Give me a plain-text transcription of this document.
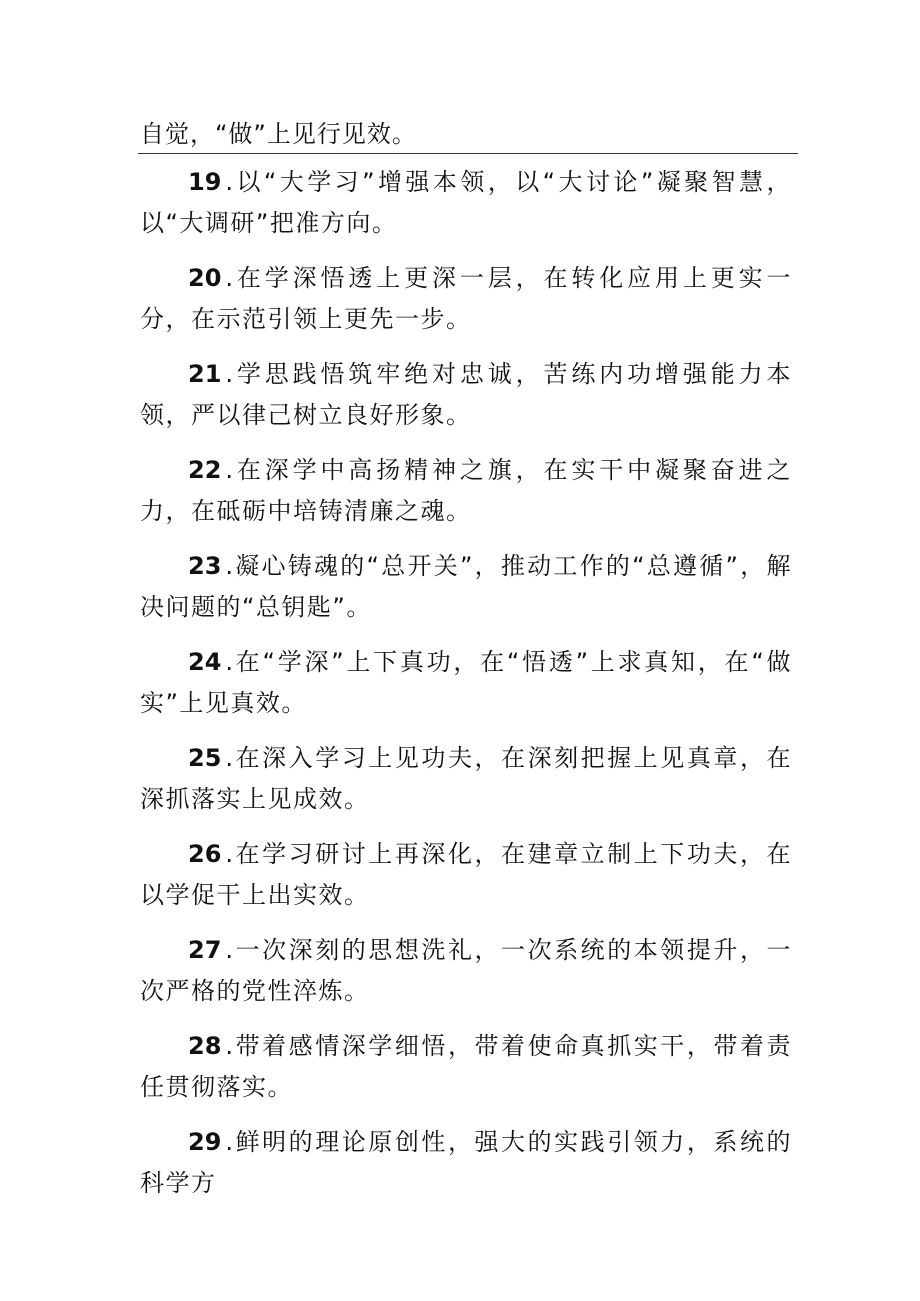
自觉，“做”上见行见效。

19 .以“大学习”增强本领，以“大讨论”凝聚智慧，以“大调研”把准方向。

20 .在学深悟透上更深一层，在转化应用上更实一分，在示范引领上更先一步。

21 .学思践悟筑牢绝对忠诚，苦练内功增强能力本领，严以律己树立良好形象。

22 .在深学中高扬精神之旗，在实干中凝聚奋进之力，在砥砺中培铸清廉之魂。

23 .凝心铸魂的“总开关”，推动工作的“总遵循”，解决问题的“总钥匙”。

24 .在“学深”上下真功，在“悟透”上求真知，在“做实”上见真效。

25 .在深入学习上见功夫，在深刻把握上见真章，在深抓落实上见成效。

26 .在学习研讨上再深化，在建章立制上下功夫，在以学促干上出实效。

27 .一次深刻的思想洗礼，一次系统的本领提升，一次严格的党性淬炼。

28 .带着感情深学细悟，带着使命真抓实干，带着责任贯彻落实。

29 .鲜明的理论原创性，强大的实践引领力，系统的科学方
